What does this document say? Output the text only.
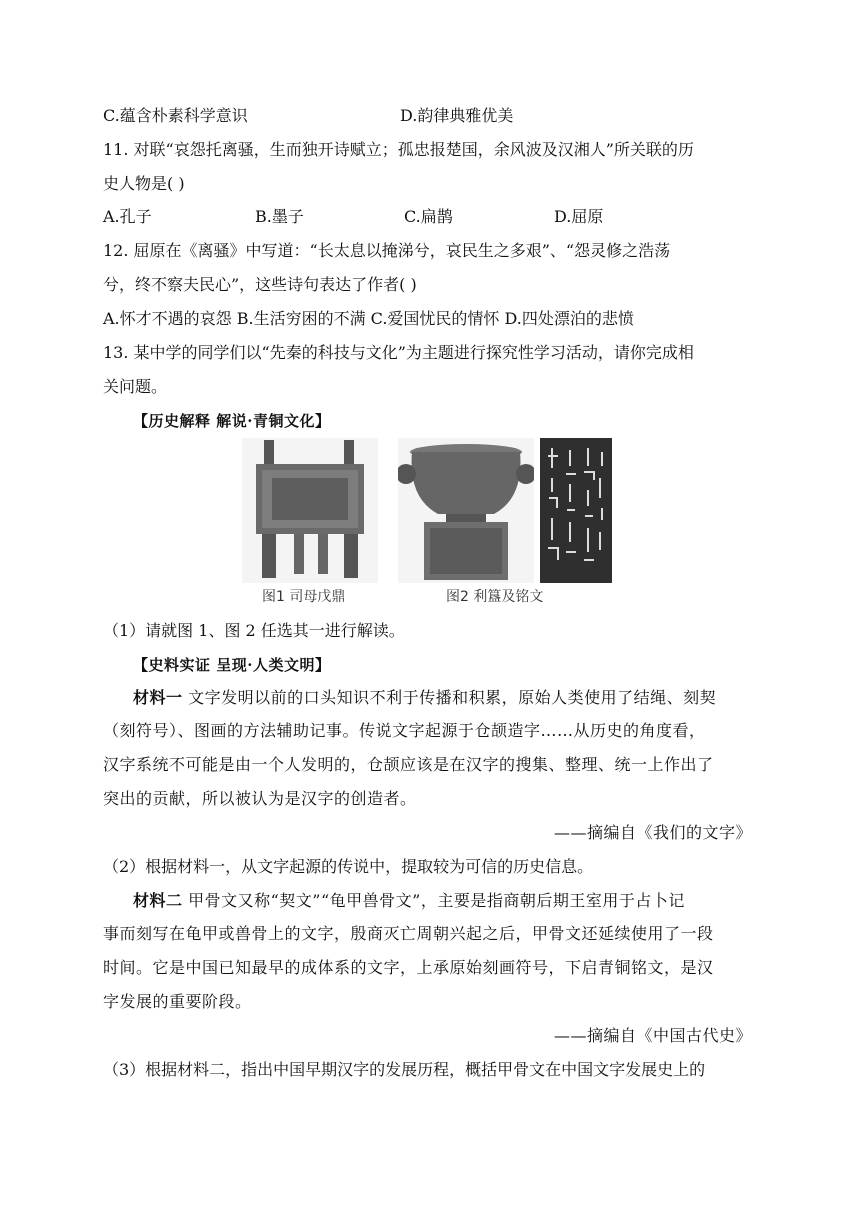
C.蕴含朴素科学意识	D.韵律典雅优美
11. 对联“哀怨托离骚，生而独开诗赋立；孤忠报楚国，余风波及汉湘人”所关联的历
史人物是( )
A.孔子	B.墨子	C.扁鹊	D.屈原
12. 屈原在《离骚》中写道：“长太息以掩涕兮，哀民生之多艰”、“怨灵修之浩荡
兮，终不察夫民心”，这些诗句表达了作者( )
A.怀才不遇的哀怨 B.生活穷困的不满 C.爱国忧民的情怀 D.四处漂泊的悲愤
13. 某中学的同学们以“先秦的科技与文化”为主题进行探究性学习活动，请你完成相
关问题。
【历史解释 解说·青铜文化】
图1 司母戊鼎	图2 利簋及铭文
（1）请就图 1、图 2 任选其一进行解读。
【史料实证 呈现·人类文明】
材料一 文字发明以前的口头知识不利于传播和积累，原始人类使用了结绳、刻契
（刻符号）、图画的方法辅助记事。传说文字起源于仓颉造字……从历史的角度看，
汉字系统不可能是由一个人发明的，仓颉应该是在汉字的搜集、整理、统一上作出了
突出的贡献，所以被认为是汉字的创造者。
——摘编自《我们的文字》
（2）根据材料一，从文字起源的传说中，提取较为可信的历史信息。
材料二 甲骨文又称“契文”“龟甲兽骨文”，主要是指商朝后期王室用于占卜记
事而刻写在龟甲或兽骨上的文字，殷商灭亡周朝兴起之后，甲骨文还延续使用了一段
时间。它是中国已知最早的成体系的文字，上承原始刻画符号，下启青铜铭文，是汉
字发展的重要阶段。
——摘编自《中国古代史》
（3）根据材料二，指出中国早期汉字的发展历程，概括甲骨文在中国文字发展史上的
